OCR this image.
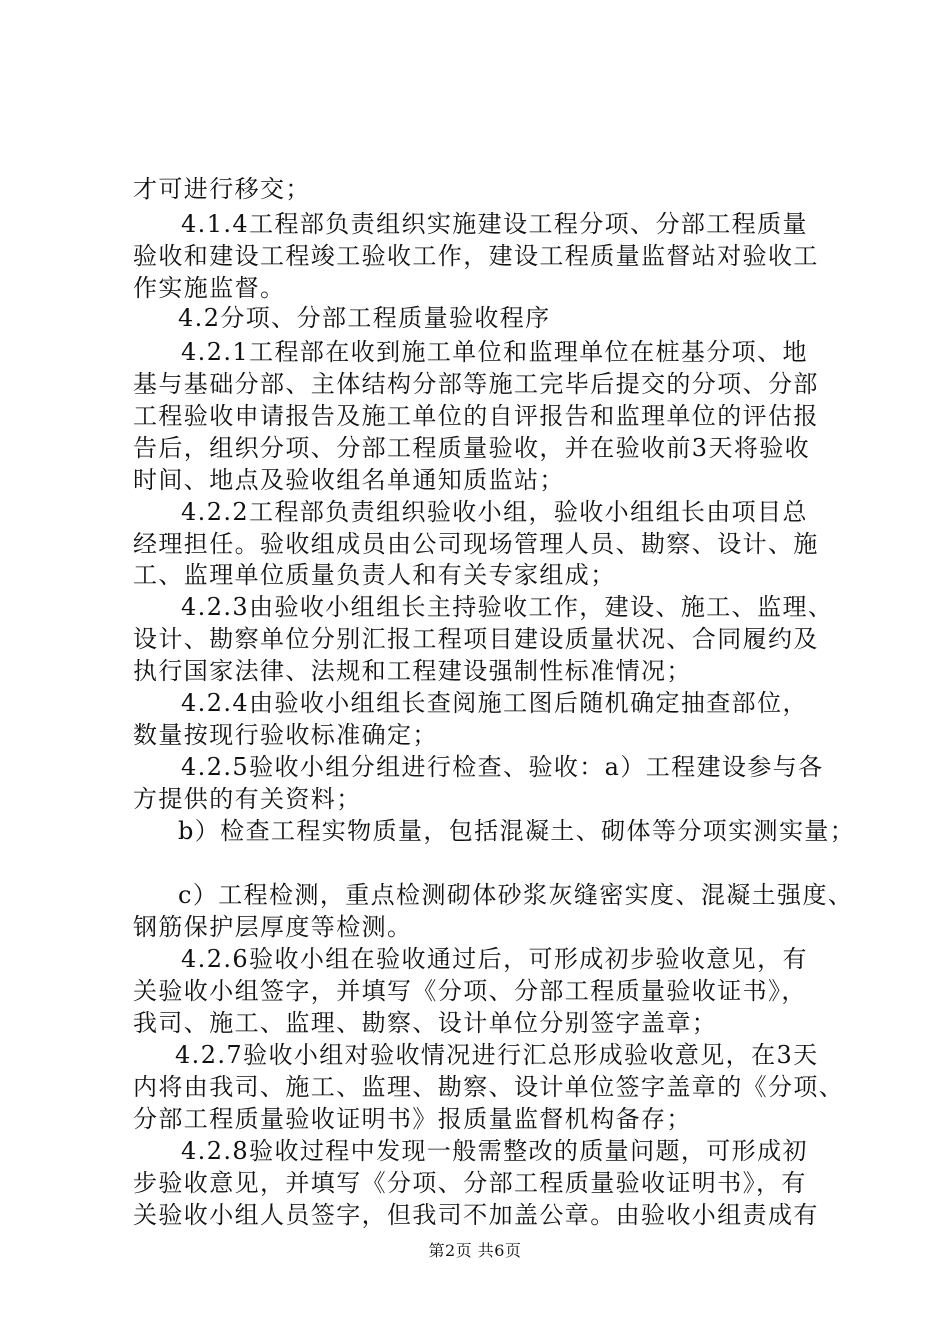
才可进行移交；
4.1.4工程部负责组织实施建设工程分项、分部工程质量
验收和建设工程竣工验收工作，建设工程质量监督站对验收工
作实施监督。
4.2分项、分部工程质量验收程序
4.2.1工程部在收到施工单位和监理单位在桩基分项、地
基与基础分部、主体结构分部等施工完毕后提交的分项、分部
工程验收申请报告及施工单位的自评报告和监理单位的评估报
告后，组织分项、分部工程质量验收，并在验收前3天将验收
时间、地点及验收组名单通知质监站；
4.2.2工程部负责组织验收小组，验收小组组长由项目总
经理担任。验收组成员由公司现场管理人员、勘察、设计、施
工、监理单位质量负责人和有关专家组成；
4.2.3由验收小组组长主持验收工作，建设、施工、监理、
设计、勘察单位分别汇报工程项目建设质量状况、合同履约及
执行国家法律、法规和工程建设强制性标准情况；
4.2.4由验收小组组长查阅施工图后随机确定抽查部位，
数量按现行验收标准确定；
4.2.5验收小组分组进行检查、验收：a）工程建设参与各
方提供的有关资料；
b）检查工程实物质量，包括混凝土、砌体等分项实测实量；
c）工程检测，重点检测砌体砂浆灰缝密实度、混凝土强度、
钢筋保护层厚度等检测。
4.2.6验收小组在验收通过后，可形成初步验收意见，有
关验收小组签字，并填写《分项、分部工程质量验收证书》，
我司、施工、监理、勘察、设计单位分别签字盖章；
4.2.7验收小组对验收情况进行汇总形成验收意见，在3天
内将由我司、施工、监理、勘察、设计单位签字盖章的《分项、
分部工程质量验收证明书》报质量监督机构备存；
4.2.8验收过程中发现一般需整改的质量问题，可形成初
步验收意见，并填写《分项、分部工程质量验收证明书》，有
关验收小组人员签字，但我司不加盖公章。由验收小组责成有
第2页 共6页
